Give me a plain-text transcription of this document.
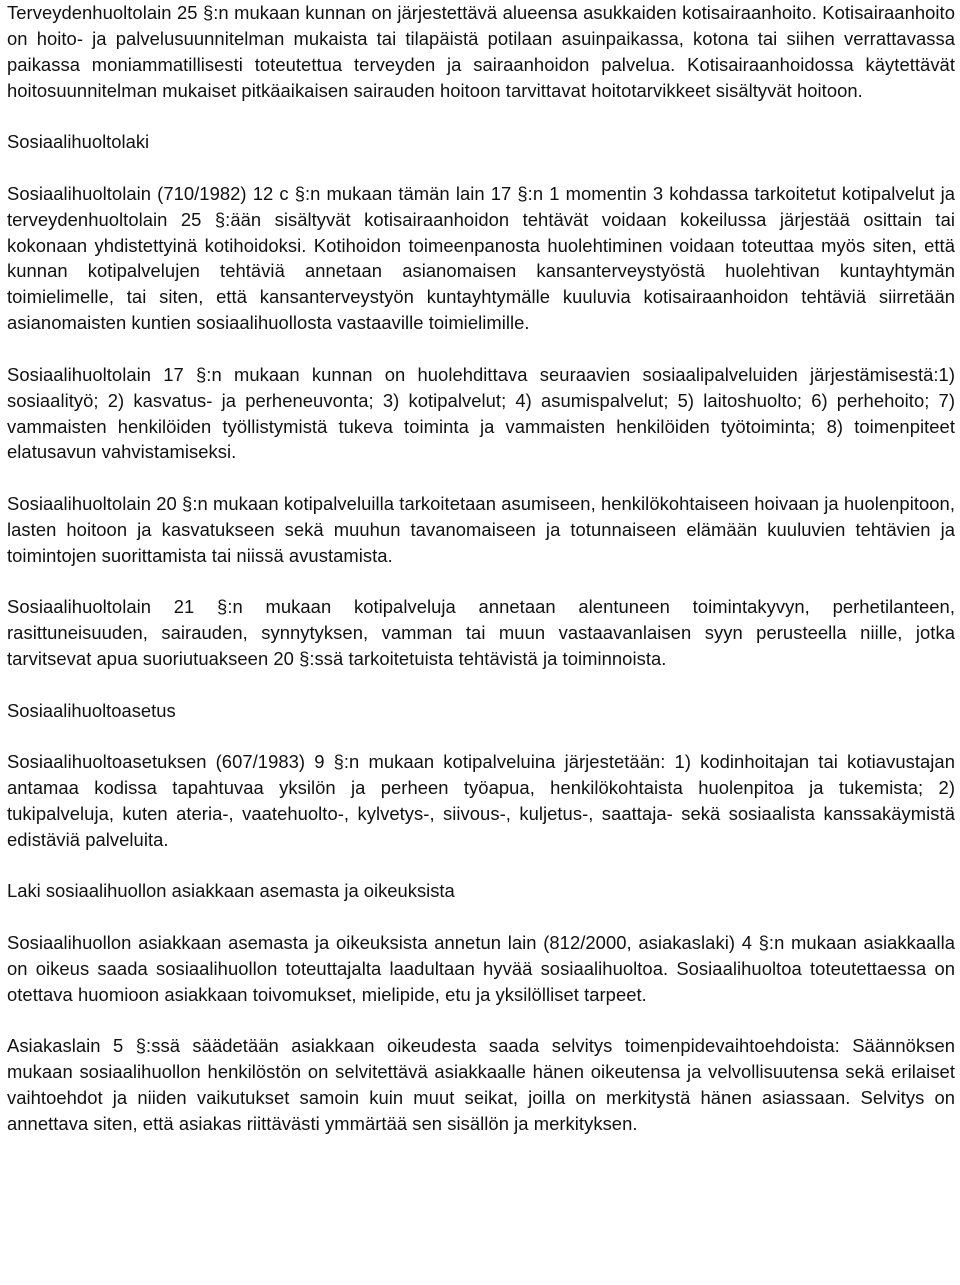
Terveydenhuoltolain 25 §:n mukaan kunnan on järjestettävä alueensa asukkaiden kotisairaanhoito. Kotisairaanhoito on hoito- ja palvelusuunnitelman mukaista tai tilapäistä potilaan asuinpaikassa, kotona tai siihen verrattavassa paikassa moniammatillisesti toteutettua terveyden ja sairaanhoidon palvelua. Kotisairaanhoidossa käytettävät hoitosuunnitelman mukaiset pitkäaikaisen sairauden hoitoon tarvittavat hoitotarvikkeet sisältyvät hoitoon.

Sosiaalihuoltolaki

Sosiaalihuoltolain (710/1982) 12 c §:n mukaan tämän lain 17 §:n 1 momentin 3 kohdassa tarkoitetut kotipalvelut ja terveydenhuoltolain 25 §:ään sisältyvät kotisairaanhoidon tehtävät voidaan kokeilussa järjestää osittain tai kokonaan yhdistettyinä kotihoidoksi. Kotihoidon toimeenpanosta huolehtiminen voidaan toteuttaa myös siten, että kunnan kotipalvelujen tehtäviä annetaan asianomaisen kansanterveystyöstä huolehtivan kuntayhtymän toimielimelle, tai siten, että kansanterveystyön kuntayhtymälle kuuluvia kotisairaanhoidon tehtäviä siirretään asianomaisten kuntien sosiaalihuollosta vastaaville toimielimille.

Sosiaalihuoltolain 17 §:n mukaan kunnan on huolehdittava seuraavien sosiaalipalveluiden järjestämisestä:1) sosiaalityö; 2) kasvatus- ja perheneuvonta; 3) kotipalvelut; 4) asumispalvelut; 5) laitoshuolto; 6) perhehoito; 7) vammaisten henkilöiden työllistymistä tukeva toiminta ja vammaisten henkilöiden työtoiminta; 8) toimenpiteet elatusavun vahvistamiseksi.

Sosiaalihuoltolain 20 §:n mukaan kotipalveluilla tarkoitetaan asumiseen, henkilökohtaiseen hoivaan ja huolenpitoon, lasten hoitoon ja kasvatukseen sekä muuhun tavanomaiseen ja totunnaiseen elämään kuuluvien tehtävien ja toimintojen suorittamista tai niissä avustamista.

Sosiaalihuoltolain 21 §:n mukaan kotipalveluja annetaan alentuneen toimintakyvyn, perhetilanteen, rasittuneisuuden, sairauden, synnytyksen, vamman tai muun vastaavanlaisen syyn perusteella niille, jotka tarvitsevat apua suoriutuakseen 20 §:ssä tarkoitetuista tehtävistä ja toiminnoista.

Sosiaalihuoltoasetus

Sosiaalihuoltoasetuksen (607/1983) 9 §:n mukaan kotipalveluina järjestetään: 1) kodinhoitajan tai kotiavustajan antamaa kodissa tapahtuvaa yksilön ja perheen työapua, henkilökohtaista huolenpitoa ja tukemista; 2) tukipalveluja, kuten ateria-, vaatehuolto-, kylvetys-, siivous-, kuljetus-, saattaja- sekä sosiaalista kanssakäymistä edistäviä palveluita.

Laki sosiaalihuollon asiakkaan asemasta ja oikeuksista

Sosiaalihuollon asiakkaan asemasta ja oikeuksista annetun lain (812/2000, asiakaslaki) 4 §:n mukaan asiakkaalla on oikeus saada sosiaalihuollon toteuttajalta laadultaan hyvää sosiaalihuoltoa. Sosiaalihuoltoa toteutettaessa on otettava huomioon asiakkaan toivomukset, mielipide, etu ja yksilölliset tarpeet.

Asiakaslain 5 §:ssä säädetään asiakkaan oikeudesta saada selvitys toimenpidevaihtoehdoista: Säännöksen mukaan sosiaalihuollon henkilöstön on selvitettävä asiakkaalle hänen oikeutensa ja velvollisuutensa sekä erilaiset vaihtoehdot ja niiden vaikutukset samoin kuin muut seikat, joilla on merkitystä hänen asiassaan. Selvitys on annettava siten, että asiakas riittävästi ymmärtää sen sisällön ja merkityksen.
